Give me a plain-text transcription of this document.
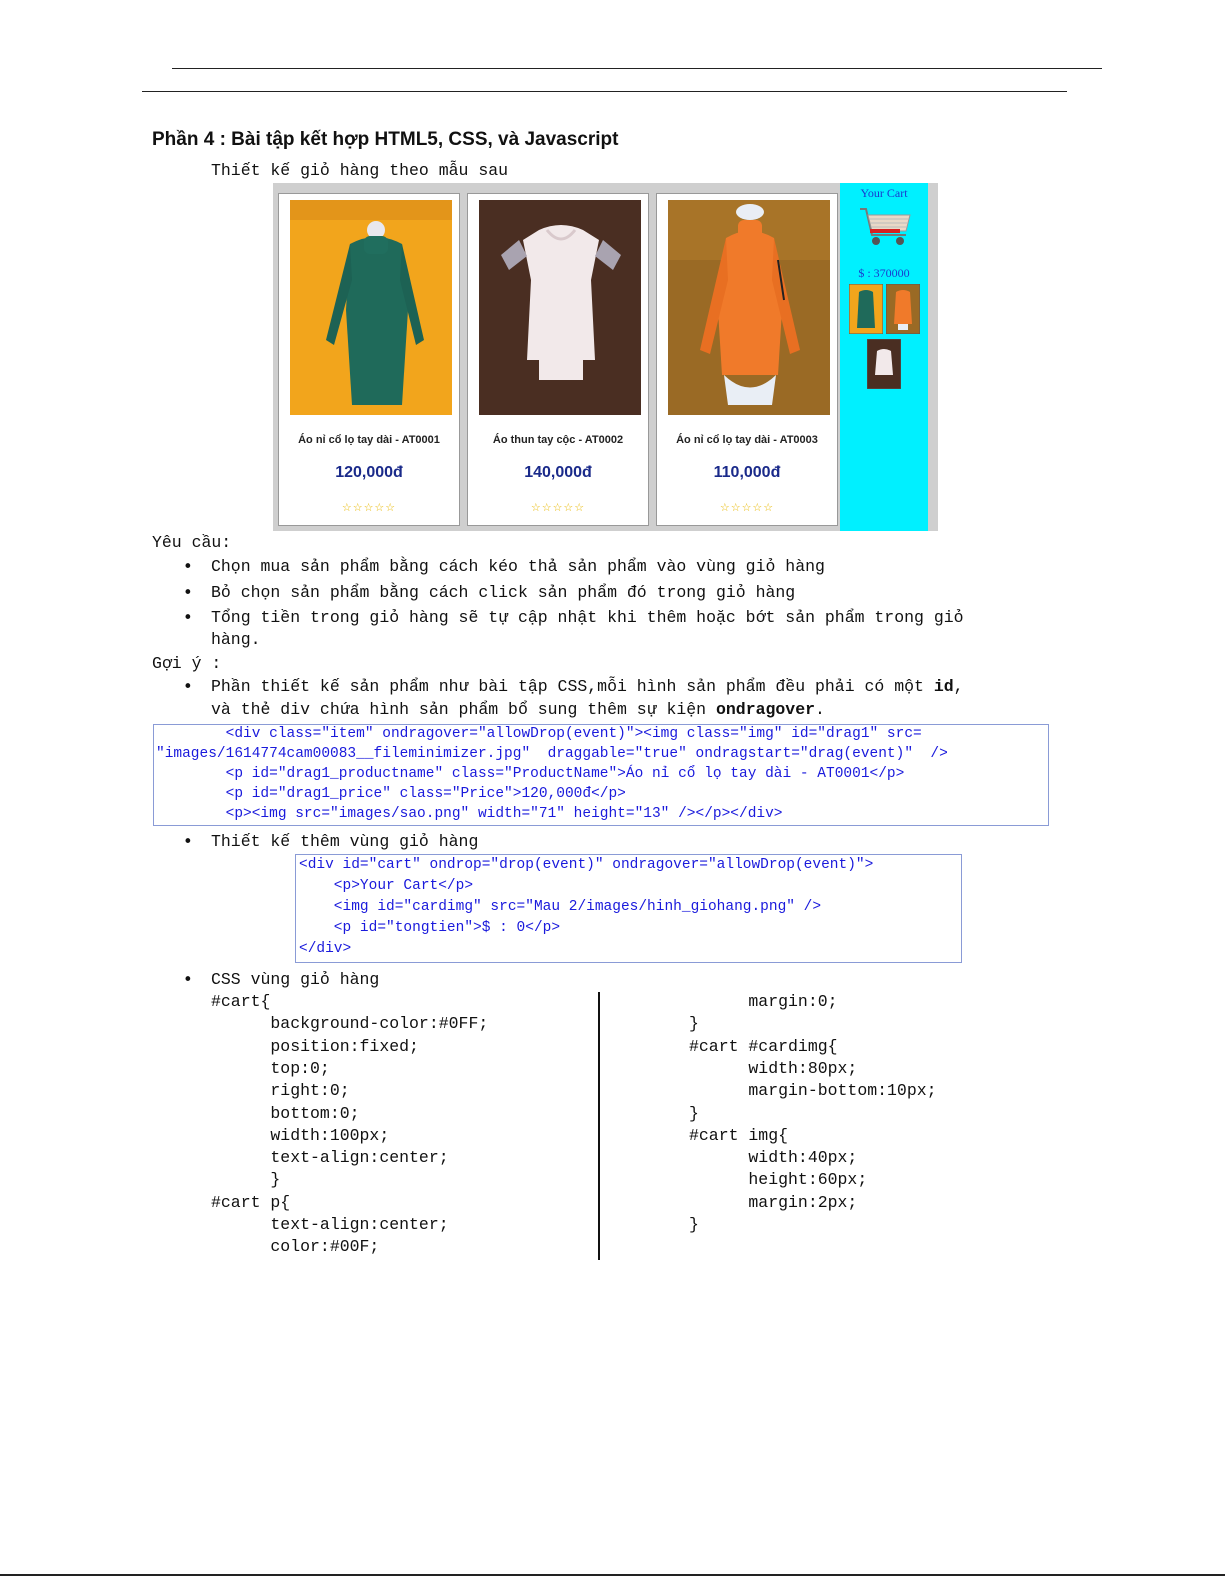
Phần 4 : Bài tập kết hợp HTML5, CSS, và Javascript
Thiết kế giỏ hàng theo mẫu sau
Áo nỉ cổ lọ tay dài - AT0001
120,000đ
☆☆☆☆☆
Áo thun tay cộc - AT0002
140,000đ
☆☆☆☆☆
Áo nỉ cổ lọ tay dài - AT0003
110,000đ
☆☆☆☆☆
Your Cart
$ : 370000
Yêu cầu:
• Chọn mua sản phẩm bằng cách kéo thả sản phẩm vào vùng giỏ hàng
• Bỏ chọn sản phẩm bằng cách click sản phẩm đó trong giỏ hàng
• Tổng tiền trong giỏ hàng sẽ tự cập nhật khi thêm hoặc bớt sản phẩm trong giỏ
hàng.
Gợi ý :
• Phần thiết kế sản phẩm như bài tập CSS,mỗi hình sản phẩm đều phải có một id,
và thẻ div chứa hình sản phẩm bổ sung thêm sự kiện ondragover.
<div class="item" ondragover="allowDrop(event)"><img class="img" id="drag1" src=
"images/1614774cam00083__fileminimizer.jpg"  draggable="true" ondragstart="drag(event)"  />
<p id="drag1_productname" class="ProductName">Áo nỉ cổ lọ tay dài - AT0001</p>
<p id="drag1_price" class="Price">120,000đ</p>
<p><img src="images/sao.png" width="71" height="13" /></p></div>
• Thiết kế thêm vùng giỏ hàng
<div id="cart" ondrop="drop(event)" ondragover="allowDrop(event)">
<p>Your Cart</p>
<img id="cardimg" src="Mau 2/images/hinh_giohang.png" />
<p id="tongtien">$ : 0</p>
</div>
• CSS vùng giỏ hàng
#cart{
background-color:#0FF;
position:fixed;
top:0;
right:0;
bottom:0;
width:100px;
text-align:center;
}
#cart p{
text-align:center;
color:#00F;
margin:0;
}
#cart #cardimg{
width:80px;
margin-bottom:10px;
}
#cart img{
width:40px;
height:60px;
margin:2px;
}
